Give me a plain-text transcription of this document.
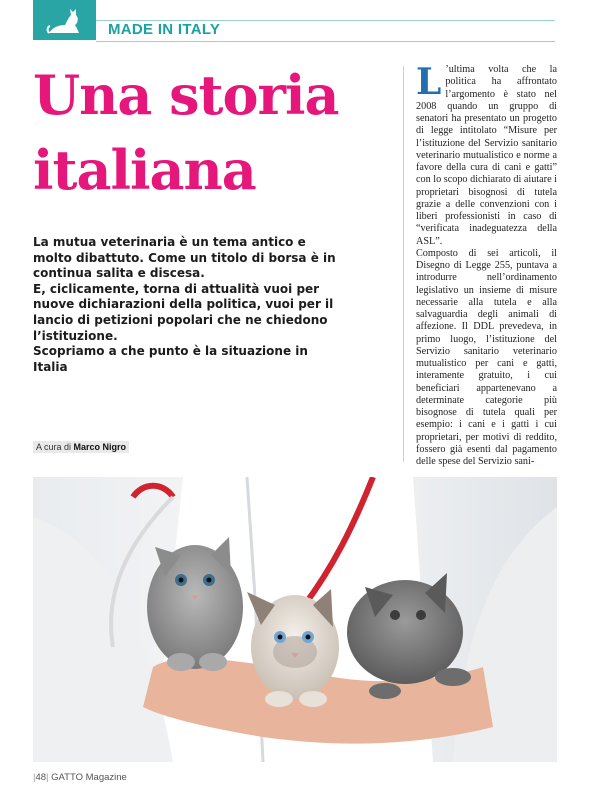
MADE IN ITALY
Una storia
italiana

La mutua veterinaria è un tema antico e molto dibattuto. Come un titolo di borsa è in continua salita e discesa.

E, ciclicamente, torna di attualità vuoi per nuove dichiarazioni della politica, vuoi per il lancio di petizioni popolari che ne chiedono l’istituzione.

Scopriamo a che punto è la situazione in Italia

A cura di Marco Nigro

L ’ultima volta che la politica ha affrontato l’argomento è stato nel 2008 quando un gruppo di senatori ha presentato un progetto di legge intitolato “Misure per l’istituzione del Servizio sanitario veterinario mutualistico e norme a favore della cura di cani e gatti” con lo scopo dichiarato di aiutare i proprietari bisognosi di tutela grazie a delle convenzioni con i liberi professionisti in caso di “verificata inadeguatezza della ASL”.

Composto di sei articoli, il Disegno di Legge 255, puntava a introdurre nell’ordinamento legislativo un insieme di misure necessarie alla tutela e alla salvaguardia degli animali di affezione. Il DDL prevedeva, in primo luogo, l’istituzione del Servizio sanitario veterinario mutualistico per cani e gatti, interamente gratuito, i cui beneficiari appartenevano a determinate categorie più bisognose di tutela quali per esempio: i cani e i gatti i cui proprietari, per motivi di reddito, fossero già esenti dal pagamento delle spese del Servizio sani-

|48| GATTO Magazine
